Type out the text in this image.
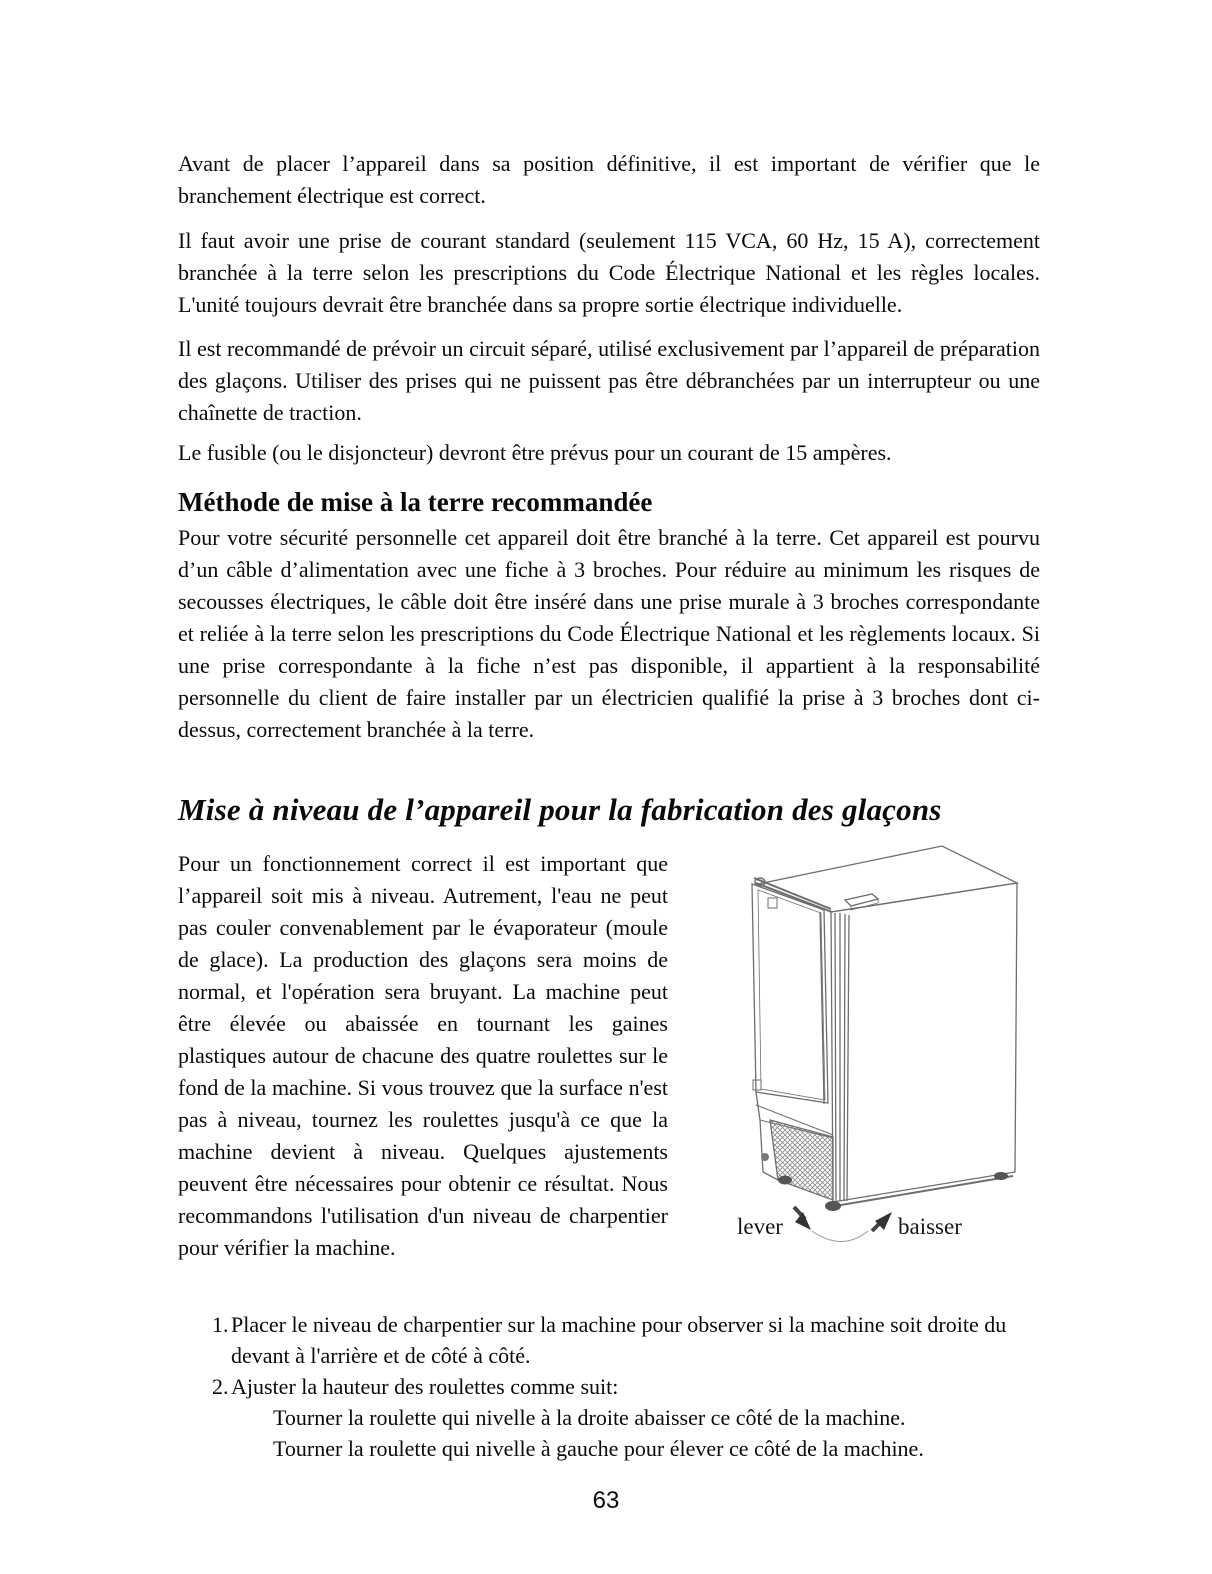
Avant de placer l’appareil dans sa position définitive, il est important de vérifier que le branchement électrique est correct.

Il faut avoir une prise de courant standard (seulement 115 VCA, 60 Hz, 15 A), correctement branchée à la terre selon les prescriptions du Code Électrique National et les règles locales. L'unité toujours devrait être branchée dans sa propre sortie électrique individuelle.

Il est recommandé de prévoir un circuit séparé, utilisé exclusivement par l’appareil de préparation des glaçons. Utiliser des prises qui ne puissent pas être débranchées par un interrupteur ou une chaînette de traction.

Le fusible (ou le disjoncteur) devront être prévus pour un courant de 15 ampères.

Méthode de mise à la terre recommandée

Pour votre sécurité personnelle cet appareil doit être branché à la terre. Cet appareil est pourvu d’un câble d’alimentation avec une fiche à 3 broches. Pour réduire au minimum les risques de secousses électriques, le câble doit être inséré dans une prise murale à 3 broches correspondante et reliée à la terre selon les prescriptions du Code Électrique National et les règlements locaux. Si une prise correspondante à la fiche n’est pas disponible, il appartient à la responsabilité personnelle du client de faire installer par un électricien qualifié la prise à 3 broches dont ci-dessus, correctement branchée à la terre.

Mise à niveau de l’appareil pour la fabrication des glaçons
Pour un fonctionnement correct il est important que l’appareil soit mis à niveau. Autrement, l'eau ne peut pas couler convenablement par le évaporateur (moule de glace). La production des glaçons sera moins de normal, et l'opération sera bruyant. La machine peut être élevée ou abaissée en tournant les gaines plastiques autour de chacune des quatre roulettes sur le fond de la machine. Si vous trouvez que la surface n'est pas à niveau, tournez les roulettes jusqu'à ce que la machine devient à niveau. Quelques ajustements peuvent être nécessaires pour obtenir ce résultat. Nous recommandons l'utilisation d'un niveau de charpentier pour vérifier la machine.
1. Placer le niveau de charpentier sur la machine pour observer si la machine soit droite du devant à l'arrière et de côté à côté.
2. Ajuster la hauteur des roulettes comme suit:
Tourner la roulette qui nivelle à la droite abaisser ce côté de la machine.
Tourner la roulette qui nivelle à gauche pour élever ce côté de la machine.
lever	baisser
63
